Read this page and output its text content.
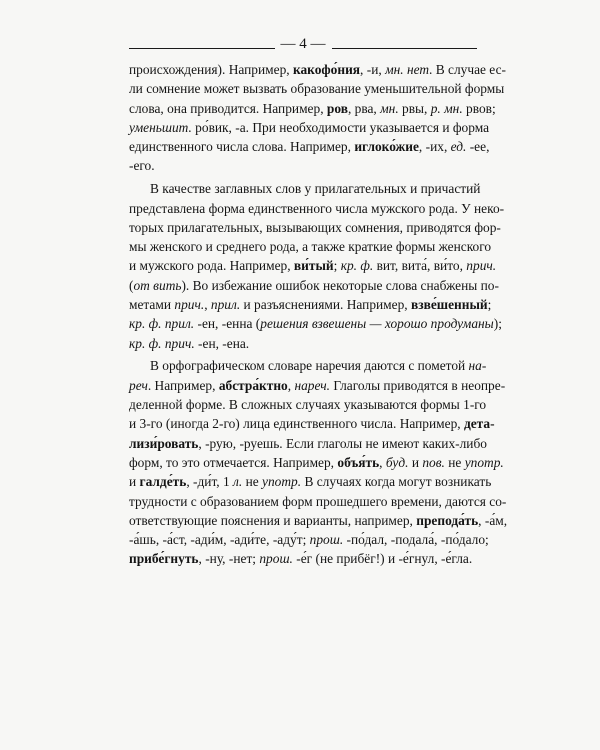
— 4 —

происхождения). Например, какофо́ния, -и, мн. нет. В случае ес-
ли сомнение может вызвать образование уменьшительной формы
слова, она приводится. Например, ров, рва, мн. рвы, р. мн. рвов;
уменьшит. ро́вик, -а. При необходимости указывается и форма
единственного числа слова. Например, иглоко́жие, -их, ед. -ее,
-его.

В качестве заглавных слов у прилагательных и причастий
представлена форма единственного числа мужского рода. У неко-
торых прилагательных, вызывающих сомнения, приводятся фор-
мы женского и среднего рода, а также краткие формы женского
и мужского рода. Например, ви́тый; кр. ф. вит, вита́, ви́то, прич.
(от вить). Во избежание ошибок некоторые слова снабжены по-
метами прич., прил. и разъяснениями. Например, взве́шенный;
кр. ф. прил. -ен, -енна (решения взвешены — хорошо продуманы);
кр. ф. прич. -ен, -ена.

В орфографическом словаре наречия даются с пометой на-
реч. Например, абстра́ктно, нареч. Глаголы приводятся в неопре-
деленной форме. В сложных случаях указываются формы 1-го
и 3-го (иногда 2-го) лица единственного числа. Например, дета-
лизи́ровать, -рую, -руешь. Если глаголы не имеют каких-либо
форм, то это отмечается. Например, объя́ть, буд. и пов. не употр.
и галде́ть, -ди́т, 1 л. не употр. В случаях когда могут возникать
трудности с образованием форм прошедшего времени, даются со-
ответствующие пояснения и варианты, например, препода́ть, -а́м,
-а́шь, -а́ст, -ади́м, -ади́те, -аду́т; прош. -по́дал, -подала́, -по́дало;
прибе́гнуть, -ну, -нет; прош. -е́г (не прибёг!) и -е́гнул, -е́гла.
